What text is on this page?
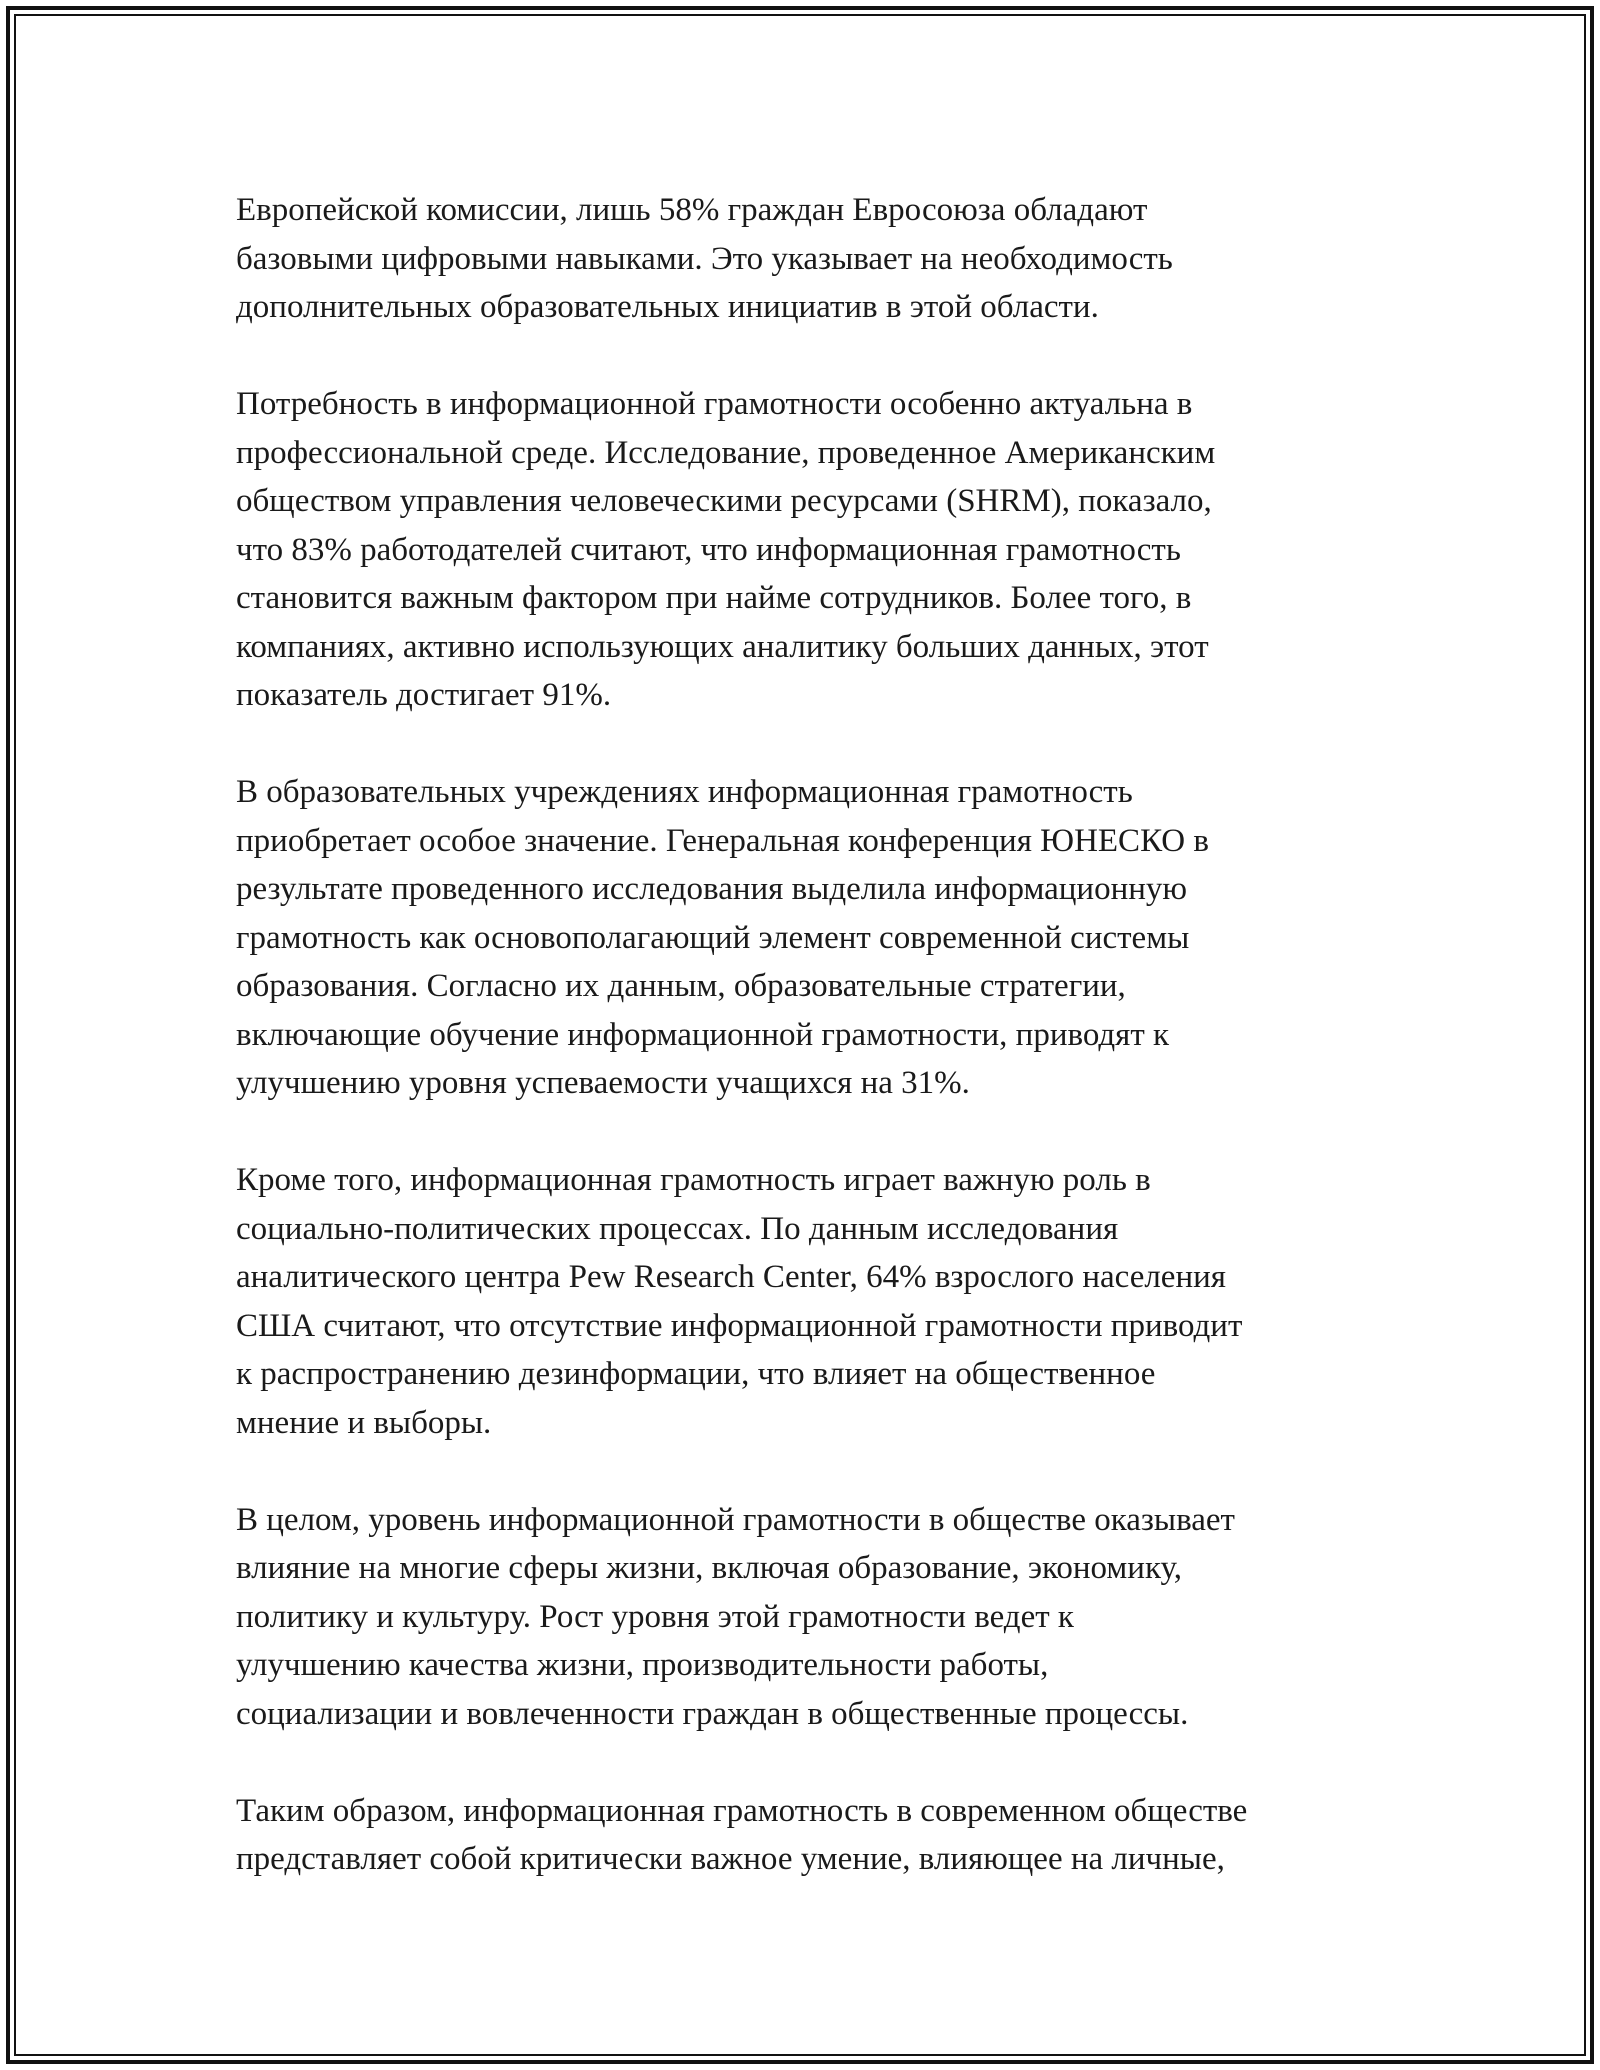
Европейской комиссии, лишь 58% граждан Евросоюза обладают
базовыми цифровыми навыками. Это указывает на необходимость
дополнительных образовательных инициатив в этой области.

Потребность в информационной грамотности особенно актуальна в
профессиональной среде. Исследование, проведенное Американским
обществом управления человеческими ресурсами (SHRM), показало,
что 83% работодателей считают, что информационная грамотность
становится важным фактором при найме сотрудников. Более того, в
компаниях, активно использующих аналитику больших данных, этот
показатель достигает 91%.

В образовательных учреждениях информационная грамотность
приобретает особое значение. Генеральная конференция ЮНЕСКО в
результате проведенного исследования выделила информационную
грамотность как основополагающий элемент современной системы
образования. Согласно их данным, образовательные стратегии,
включающие обучение информационной грамотности, приводят к
улучшению уровня успеваемости учащихся на 31%.

Кроме того, информационная грамотность играет важную роль в
социально-политических процессах. По данным исследования
аналитического центра Pew Research Center, 64% взрослого населения
США считают, что отсутствие информационной грамотности приводит
к распространению дезинформации, что влияет на общественное
мнение и выборы.

В целом, уровень информационной грамотности в обществе оказывает
влияние на многие сферы жизни, включая образование, экономику,
политику и культуру. Рост уровня этой грамотности ведет к
улучшению качества жизни, производительности работы,
социализации и вовлеченности граждан в общественные процессы.

Таким образом, информационная грамотность в современном обществе
представляет собой критически важное умение, влияющее на личные,
